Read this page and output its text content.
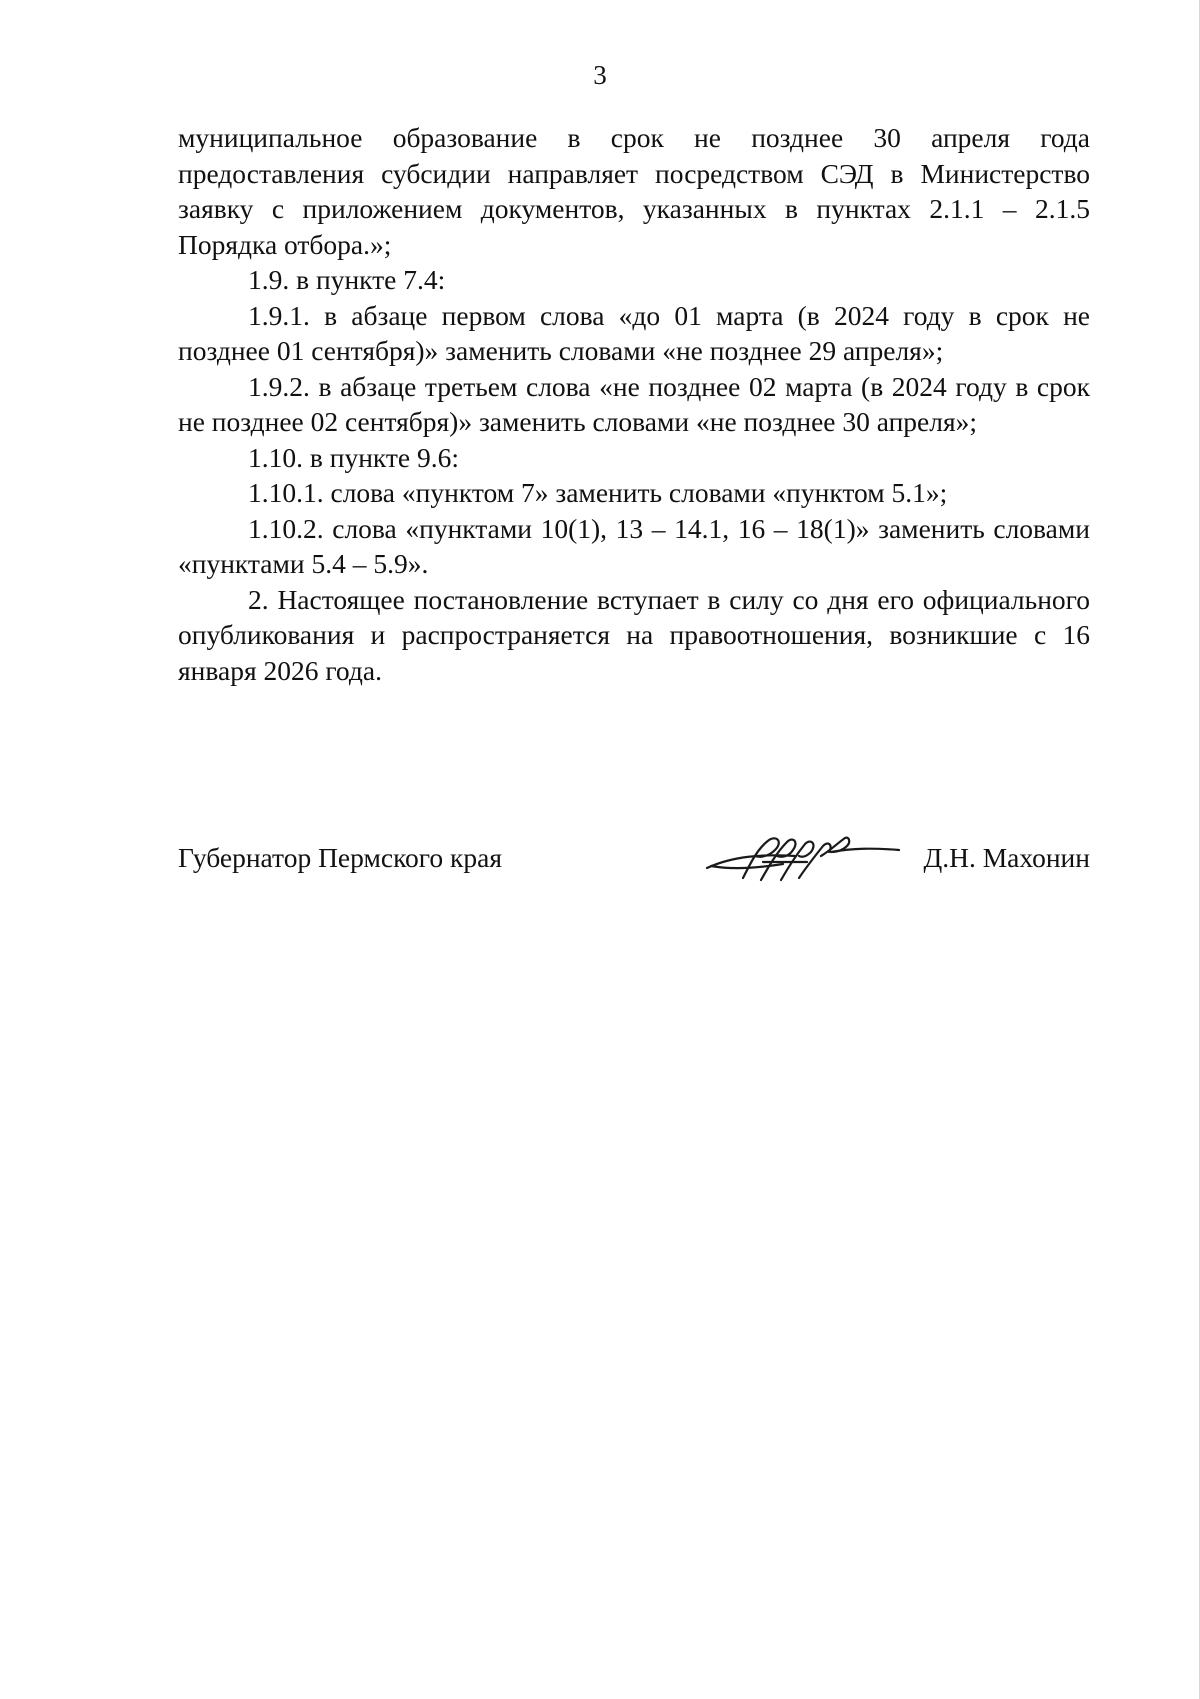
3

муниципальное образование в срок не позднее 30 апреля года предоставления субсидии направляет посредством СЭД в Министерство заявку с приложением документов, указанных в пунктах 2.1.1 – 2.1.5 Порядка отбора.»;

1.9. в пункте 7.4:

1.9.1. в абзаце первом слова «до 01 марта (в 2024 году в срок не позднее 01 сентября)» заменить словами «не позднее 29 апреля»;

1.9.2. в абзаце третьем слова «не позднее 02 марта (в 2024 году в срок не позднее 02 сентября)» заменить словами «не позднее 30 апреля»;

1.10. в пункте 9.6:

1.10.1. слова «пунктом 7» заменить словами «пунктом 5.1»;

1.10.2. слова «пунктами 10(1), 13 – 14.1, 16 – 18(1)» заменить словами «пунктами 5.4 – 5.9».

2. Настоящее постановление вступает в силу со дня его официального опубликования и распространяется на правоотношения, возникшие с 16 января 2026 года.

Губернатор Пермского края	Д.Н. Махонин
